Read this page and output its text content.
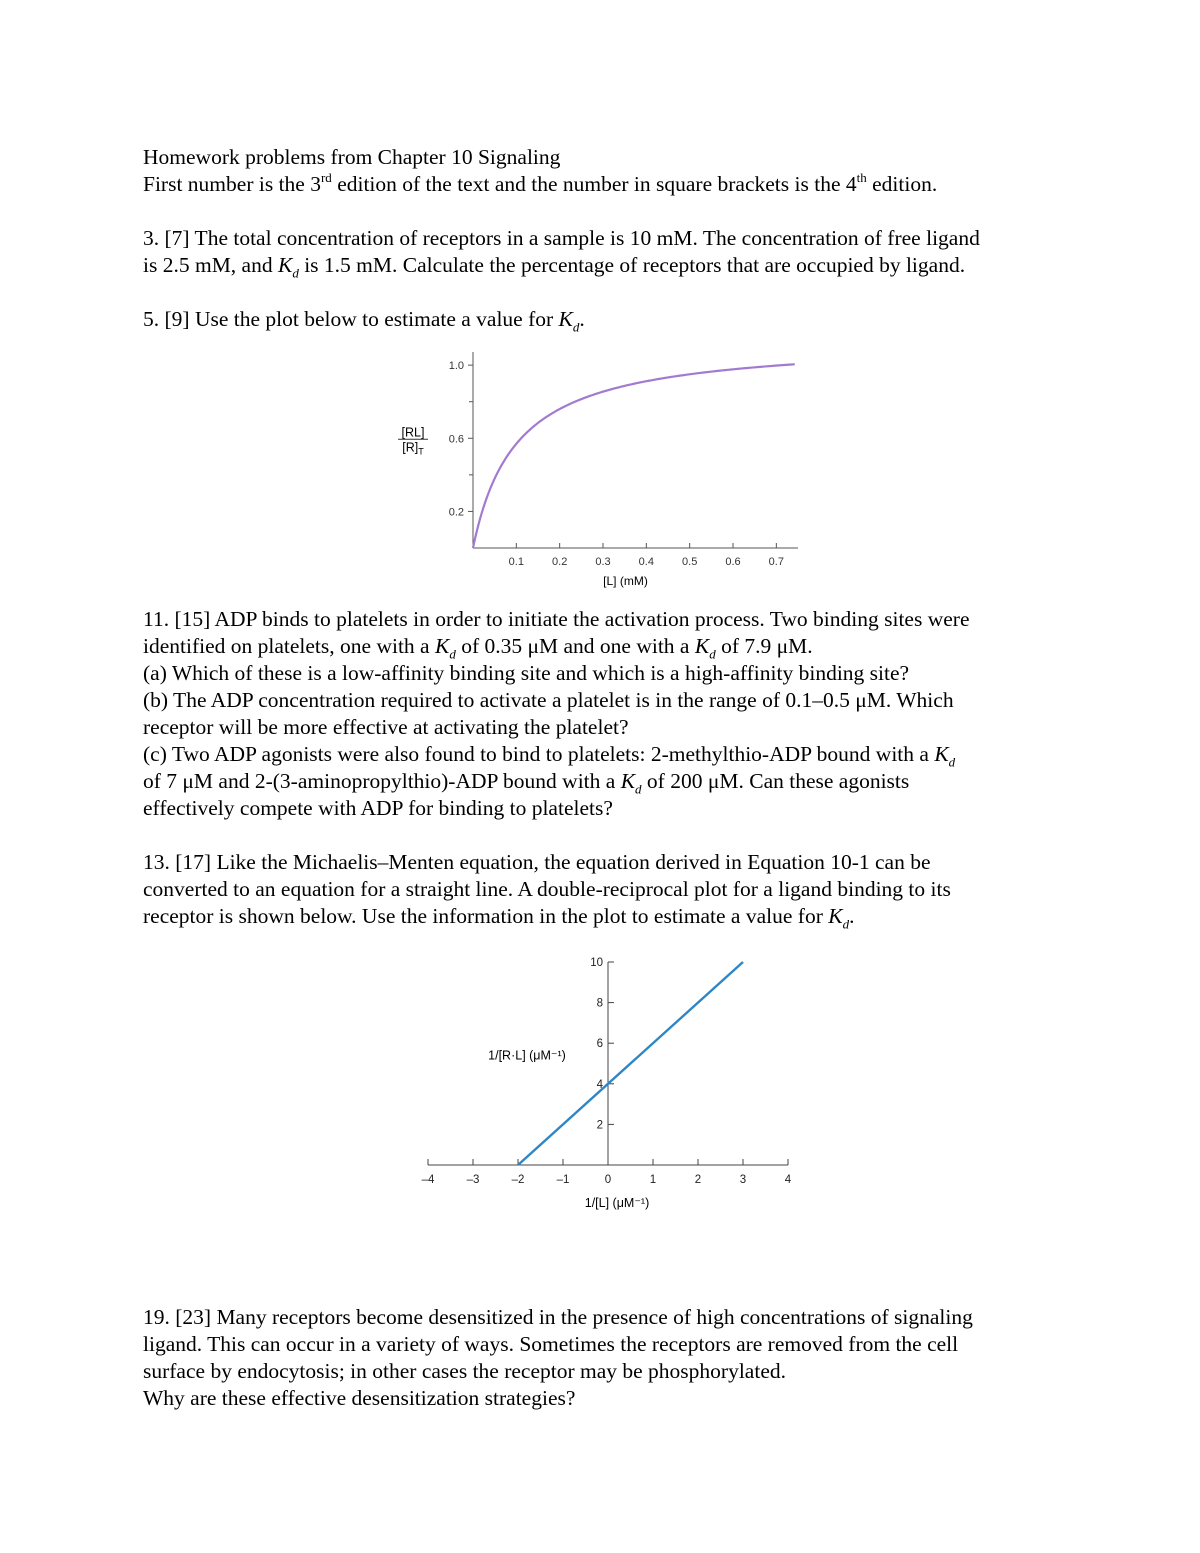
Homework problems from Chapter 10 Signaling
First number is the 3rd edition of the text and the number in square brackets is the 4th edition.
3. [7] The total concentration of receptors in a sample is 10 mM. The concentration of free ligand
is 2.5 mM, and $K_d$ is 1.5 mM. Calculate the percentage of receptors that are occupied by ligand.
5. [9] Use the plot below to estimate a value for $K_d$.
0.1	0.2	0.3	0.4	0.5	0.6	0.7
0.2
0.6
1.0
[L] (mM)
[RL]
$[R]_T$
11. [15] ADP binds to platelets in order to initiate the activation process. Two binding sites were
identified on platelets, one with a $K_d$ of 0.35 μM and one with a $K_d$ of 7.9 μM.
(a) Which of these is a low-affinity binding site and which is a high-affinity binding site?
(b) The ADP concentration required to activate a platelet is in the range of 0.1–0.5 μM. Which
receptor will be more effective at activating the platelet?
(c) Two ADP agonists were also found to bind to platelets: 2-methylthio-ADP bound with a $K_d$
of 7 μM and 2-(3-aminopropylthio)-ADP bound with a $K_d$ of 200 μM. Can these agonists
effectively compete with ADP for binding to platelets?
13. [17] Like the Michaelis–Menten equation, the equation derived in Equation 10-1 can be
converted to an equation for a straight line. A double-reciprocal plot for a ligand binding to its
receptor is shown below. Use the information in the plot to estimate a value for $K_d$.
–4	–3	–2	–1	0	1	2	3	4
2
4
6
8
10
1/[L] (μM⁻¹)
1/[R·L] (μM⁻¹)
19. [23] Many receptors become desensitized in the presence of high concentrations of signaling
ligand. This can occur in a variety of ways. Sometimes the receptors are removed from the cell
surface by endocytosis; in other cases the receptor may be phosphorylated.
Why are these effective desensitization strategies?
